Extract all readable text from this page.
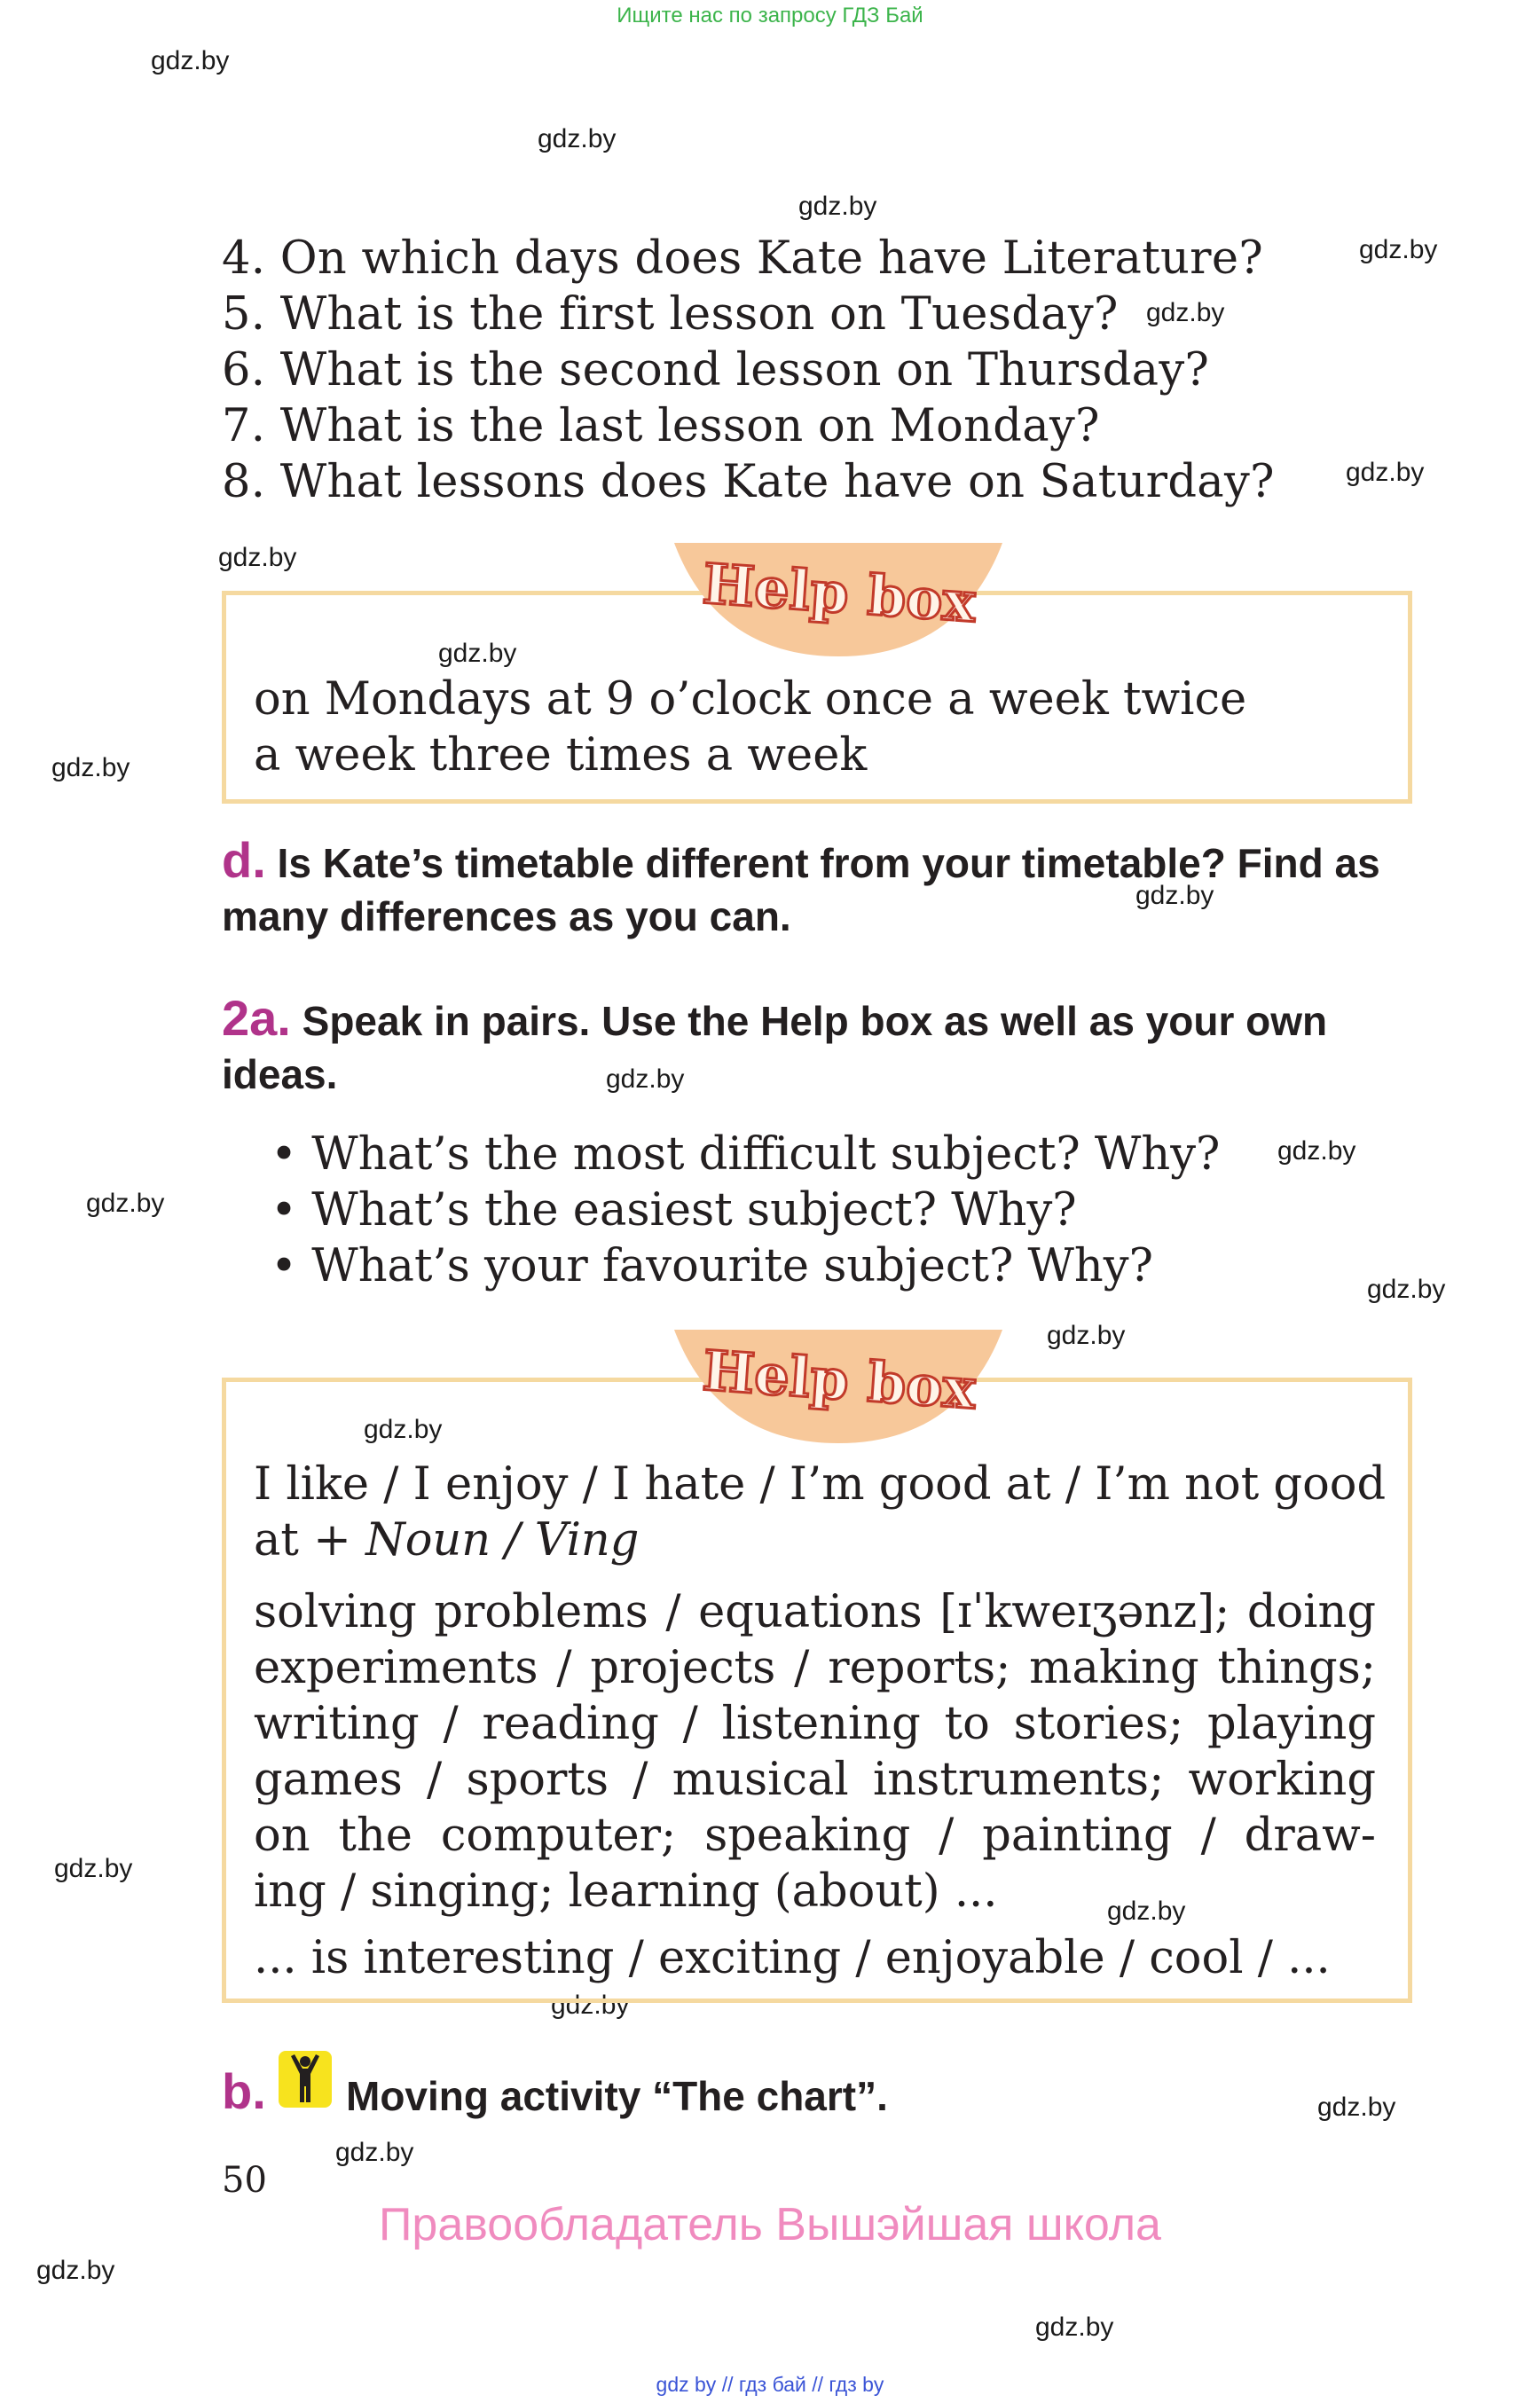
Ищите нас по запросу ГДЗ Бай
gdz.by
gdz.by
gdz.by
gdz.by
gdz.by
gdz.by
gdz.by
gdz.by
gdz.by
gdz.by
gdz.by
gdz.by
gdz.by
gdz.by
gdz.by
gdz.by
gdz.by
gdz.by
gdz.by
gdz.by
gdz.by
gdz.by
gdz.by
4. On which days does Kate have Literature?
5. What is the first lesson on Tuesday?
6. What is the second lesson on Thursday?
7. What is the last lesson on Monday?
8. What lessons does Kate have on Saturday?
Help box
on Mondays at 9 o’clock once a week twice
a week three times a week
d. Is Kate’s timetable different from your timetable? Find as many differences as you can.
2a. Speak in pairs. Use the Help box as well as your own ideas.
• What’s the most difficult subject? Why?
• What’s the easiest subject? Why?
• What’s your favourite subject? Why?
Help box
I like / I enjoy / I hate / I’m good at / I’m not good
at + Noun / Ving
solving problems / equations [ɪˈkweɪʒənz]; doing
experiments / projects / reports; making things;
writing / reading / listening to stories; playing
games / sports / musical instruments; working
on the computer; speaking / painting / draw-
ing / singing; learning (about) ...
... is interesting / exciting / enjoyable / cool / ...
b. Moving activity “The chart”.
50
Правообладатель Вышэйшая школа
gdz by // гдз бай // гдз by
